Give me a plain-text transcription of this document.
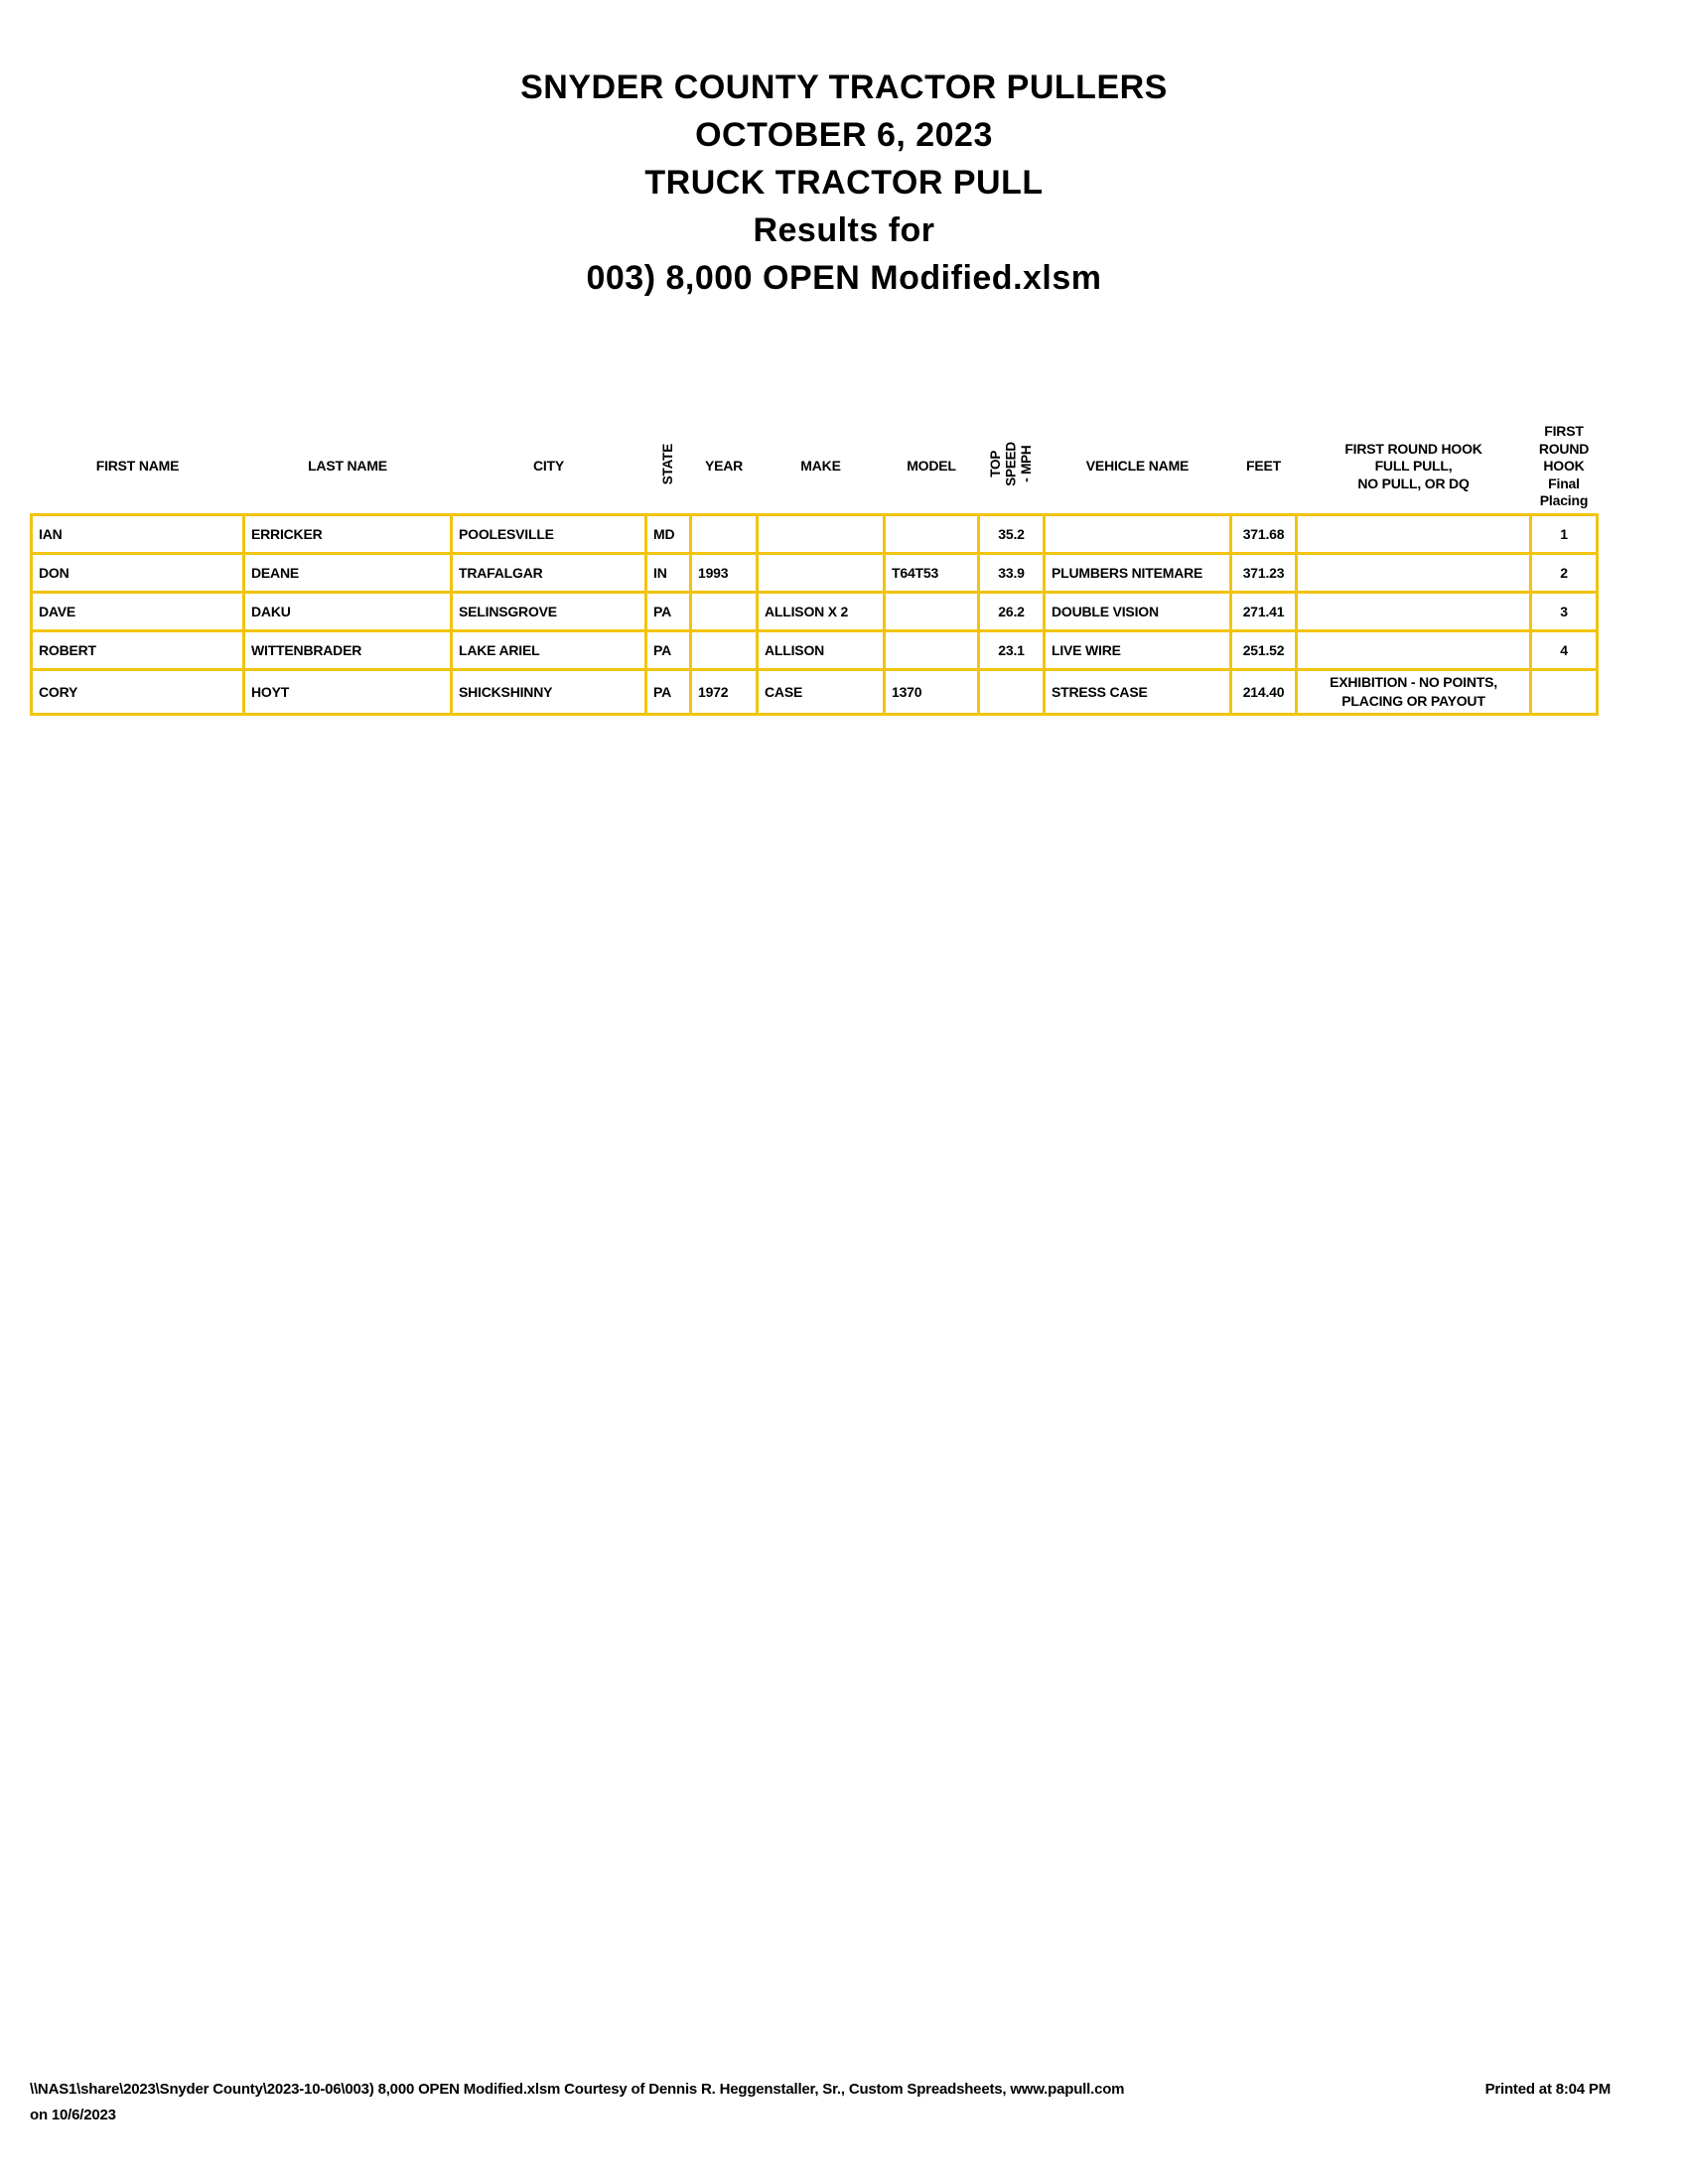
SNYDER COUNTY TRACTOR PULLERS
OCTOBER 6, 2023
TRUCK TRACTOR PULL
Results for
003) 8,000 OPEN Modified.xlsm
FIRST NAME	LAST NAME	CITY	STATE	YEAR	MAKE	MODEL	TOP SPEED - MPH	VEHICLE NAME	FEET	FIRST ROUND HOOK
FULL PULL,
NO PULL, OR DQ	FIRST ROUND
HOOK
Final Placing

IAN	ERRICKER	POOLESVILLE	MD				35.2		371.68		1
DON	DEANE	TRAFALGAR	IN	1993		T64T53	33.9	PLUMBERS NITEMARE	371.23		2
DAVE	DAKU	SELINSGROVE	PA		ALLISON X 2		26.2	DOUBLE VISION	271.41		3
ROBERT	WITTENBRADER	LAKE ARIEL	PA		ALLISON		23.1	LIVE WIRE	251.52		4
CORY	HOYT	SHICKSHINNY	PA	1972	CASE	1370		STRESS CASE	214.40	EXHIBITION - NO POINTS,
PLACING OR PAYOUT	

\\NAS1\share\2023\Snyder County\2023-10-06\003) 8,000 OPEN Modified.xlsm Courtesy of Dennis R. Heggenstaller, Sr., Custom Spreadsheets, www.papull.com	Printed at 8:04 PM
on 10/6/2023
